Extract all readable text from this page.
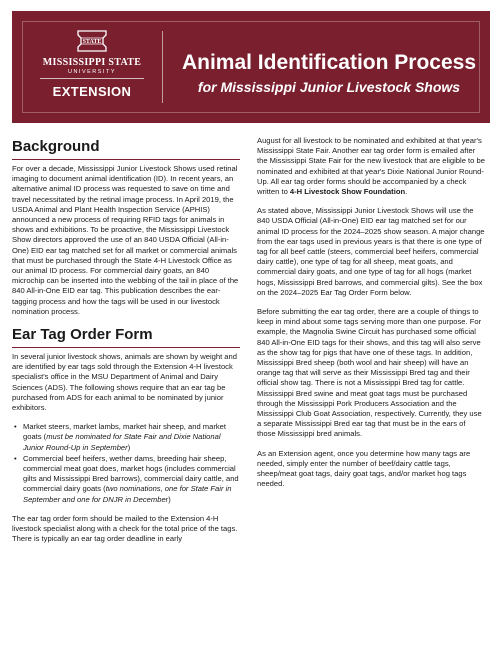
STATE
MISSISSIPPI STATE
UNIVERSITY
EXTENSION
Animal Identification Process
for Mississippi Junior Livestock Shows
Background

For over a decade, Mississippi Junior Livestock Shows used retinal imaging to document animal identification (ID). In recent years, an alternative animal ID process was requested to save on time and travel necessitated by the retinal image process. In April 2019, the USDA Animal and Plant Health Inspection Service (APHIS) announced a new process of requiring RFID tags for animals in shows and exhibitions. To be proactive, the Mississippi Livestock Show directors approved the use of an 840 USDA Official (All-in-One) EID ear tag matched set for all market or commercial animals that must be purchased through the State 4-H Livestock Office as our animal ID process. For commercial dairy goats, an 840 microchip can be inserted into the webbing of the tail in place of the 840 All-in-One EID ear tag. This publication describes the ear-tagging process and how the tags will be used in our livestock nomination process.

Ear Tag Order Form

In several junior livestock shows, animals are shown by weight and are identified by ear tags sold through the Extension 4-H livestock specialist's office in the MSU Department of Animal and Dairy Sciences (ADS). The following shows require that an ear tag be purchased from ADS for each animal to be nominated by junior exhibitors.

• Market steers, market lambs, market hair sheep, and market goats (must be nominated for State Fair and Dixie National Junior Round-Up in September)
• Commercial beef heifers, wether dams, breeding hair sheep, commercial meat goat does, market hogs (includes commercial gilts and Mississippi Bred barrows), commercial dairy cattle, and commercial dairy goats (two nominations, one for State Fair in September and one for DNJR in December)

The ear tag order form should be mailed to the Extension 4-H livestock specialist along with a check for the total price of the tags. There is typically an ear tag order deadline in early

August for all livestock to be nominated and exhibited at that year's Mississippi State Fair. Another ear tag order form is emailed after the Mississippi State Fair for the new livestock that are eligible to be nominated and exhibited at that year's Dixie National Junior Round-Up. All ear tag order forms should be accompanied by a check written to 4-H Livestock Show Foundation.

As stated above, Mississippi Junior Livestock Shows will use the 840 USDA Official (All-in-One) EID ear tag matched set for our animal ID process for the 2024–2025 show season. A major change from the ear tags used in previous years is that there is one type of tag for all beef cattle (steers, commercial beef heifers, commercial dairy cattle), one type of tag for all sheep, meat goats, and commercial dairy goats, and one type of tag for all hogs (market hogs, Mississippi Bred barrows, and commercial gilts). See the box on the 2024–2025 Ear Tag Order Form below.

Before submitting the ear tag order, there are a couple of things to keep in mind about some tags serving more than one purpose. For example, the Magnolia Swine Circuit has purchased some official 840 All-in-One EID tags for their shows, and this tag will also serve as the show tag for pigs that have one of these tags. In addition, Mississippi Bred sheep (both wool and hair sheep) will have an orange tag that will serve as their Mississippi Bred tag and their official show tag. There is not a Mississippi Bred tag for cattle. Mississippi Bred swine and meat goat tags must be purchased through the Mississippi Pork Producers Association and the Mississippi Club Goat Association, respectively. Currently, they use a separate Mississippi Bred ear tag that must be in the ears of those Mississippi bred animals.

As an Extension agent, once you determine how many tags are needed, simply enter the number of beef/dairy cattle tags, sheep/meat goat tags, dairy goat tags, and/or market hog tags needed.
